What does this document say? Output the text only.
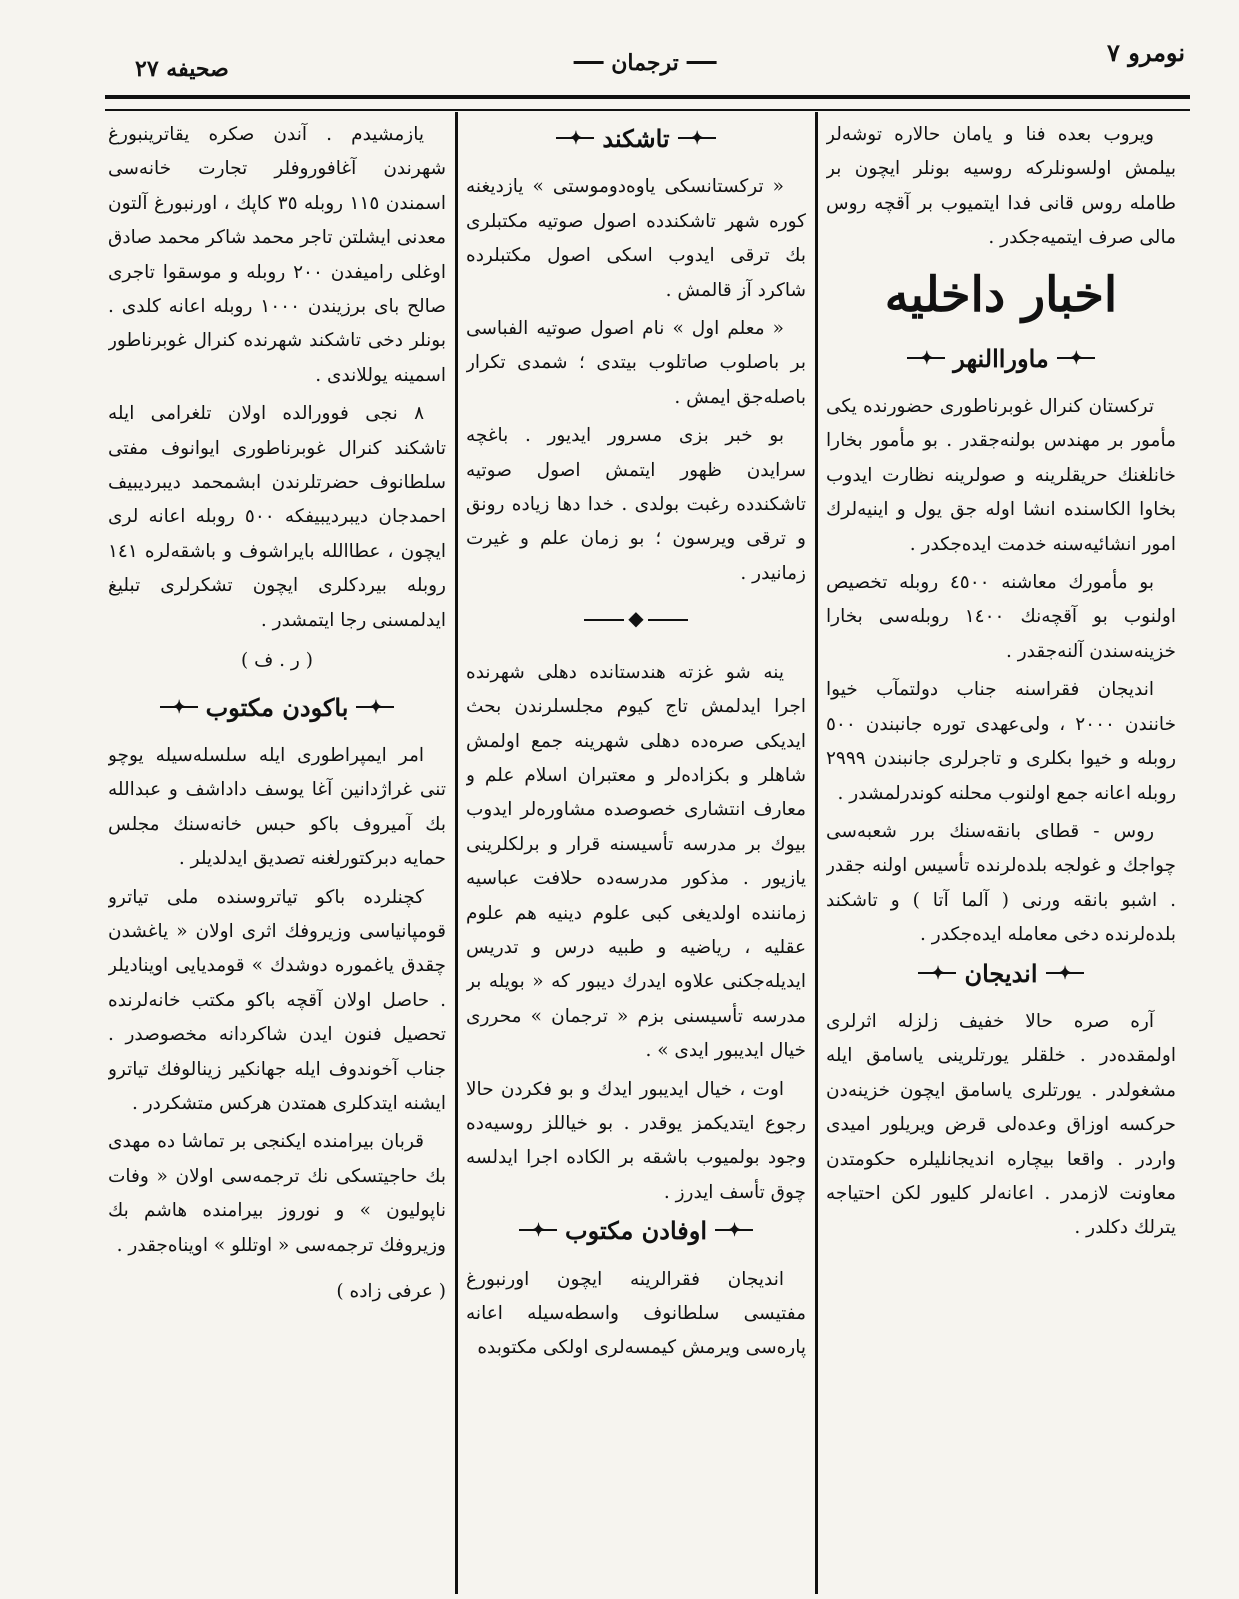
نومرو ٧
ترجمان
صحيفه ٢٧

ويروب بعده فنا و يامان حالاره توشه‌لر بيلمش اولسونلركه روسيه بونلر ايچون بر طامله روس قانى فدا ايتميوب بر آقچه روس مالى صرف ايتميه‌جكدر .

اخبار داخليه
✦ماوراالنهر✦

تركستان كنرال غوبرناطورى حضورنده يكى مأمور بر مهندس بولنه‌جقدر . بو مأمور بخارا خانلغنك حريقلرينه و صولرينه نظارت ايدوب بخاوا الكاسنده انشا اوله جق يول و اينيه‌لرك امور انشائيه‌سنه خدمت ايده‌جكدر .

بو مأمورك معاشنه ٤٥٠٠ روبله تخصيص اولنوب بو آقچه‌نك ١٤٠٠ روبله‌سى بخارا خزينه‌سندن آلنه‌جقدر .

انديجان فقراسنه جناب دولتمآب خيوا خانندن ٢٠٠٠ ، ولى‌عهدى توره جانبندن ٥٠٠ روبله و خيوا بكلرى و تاجرلرى جانبندن ٢٩٩٩ روبله اعانه جمع اولنوب محلنه كوندرلمشدر .

روس - قطاى بانقه‌سنك برر شعبه‌سى چواجك و غولجه بلده‌لرنده تأسيس اولنه جقدر . اشبو بانقه ورنى ( آلما آتا ) و تاشكند بلده‌لرنده دخى معامله ايده‌جكدر .

✦انديجان✦

آره صره حالا خفيف زلزله اثرلرى اولمقده‌در . خلقلر يورتلرينى ياسامق ايله مشغولدر . يورتلرى ياسامق ايچون خزينه‌دن حركسه اوزاق وعده‌لى قرض ويريلور اميدى واردر . واقعا بيچاره انديجانليلره حكومتدن معاونت لازمدر . اعانه‌لر كليور لكن احتياجه يترلك دكلدر .

✦تاشكند✦

« تركستانسكى ياوه‌دوموستى » يازديغنه كوره شهر تاشكندده اصول صوتيه مكتبلرى بك ترقى ايدوب اسكى اصول مكتبلرده شاكرد آز قالمش .

« معلم اول » نام اصول صوتيه الفباسى بر باصلوب صاتلوب بيتدى ؛ شمدى تكرار باصله‌جق ايمش .

بو خبر بزى مسرور ايديور . باغچه سرايدن ظهور ايتمش اصول صوتيه تاشكندده رغبت بولدى . خدا دها زياده رونق و ترقى ويرسون ؛ بو زمان علم و غيرت زمانيدر .

◆

ينه شو غزته هندستانده دهلى شهرنده اجرا ايدلمش تاج كيوم مجلسلرندن بحث ايديكى صره‌ده دهلى شهرينه جمع اولمش شاهلر و بكزاده‌لر و معتبران اسلام علم و معارف انتشارى خصوصده مشاوره‌لر ايدوب بيوك بر مدرسه تأسيسنه قرار و برلكلرينى يازيور . مذكور مدرسه‌ده حلافت عباسيه زماننده اولديغى كبى علوم دينيه هم علوم عقليه ، رياضيه و طبيه درس و تدريس ايديله‌جكنى علاوه ايدرك ديبور كه « بويله بر مدرسه تأسيسنى بزم « ترجمان » محررى خيال ايديبور ايدى » .

اوت ، خيال ايديبور ايدك و بو فكردن حالا رجوع ايتديكمز يوقدر . بو خياللز روسيه‌ده وجود بولميوب باشقه بر الكاده اجرا ايدلسه چوق تأسف ايدرز .

✦اوفادن مكتوب✦

انديجان فقرالرينه ايچون اورنبورغ مفتيسى سلطانوف واسطه‌سيله اعانه پاره‌سى ويرمش كيمسه‌لرى اولكى مكتوبده

يازمشيدم . آندن صكره يقاترينبورغ شهرندن آغافوروفلر تجارت خانه‌سى اسمندن ١١٥ روبله ٣٥ كاپك ، اورنبورغ آلتون معدنى ايشلتن تاجر محمد شاكر محمد صادق اوغلى راميفدن ٢٠٠ روبله و موسقوا تاجرى صالح باى برزيندن ١٠٠٠ روبله اعانه كلدى . بونلر دخى تاشكند شهرنده كنرال غوبرناطور اسمينه يوللاندى .

٨ نجى فوورالده اولان تلغرامى ايله تاشكند كنرال غوبرناطورى ايوانوف مفتى سلطانوف حضرتلرندن ابشمحمد ديبرديبيف احمدجان ديبرديبيفكه ٥٠٠ روبله اعانه لرى ايچون ، عطاالله بايراشوف و باشقه‌لره ١٤١ روبله بيردكلرى ايچون تشكرلرى تبليغ ايدلمسنى رجا ايتمشدر .

( ر . ف )
✦باكودن مكتوب✦

امر ايمپراطورى ايله سلسله‌سيله يوچو تنى غراژدانين آغا يوسف داداشف و عبدالله بك آميروف باكو حبس خانه‌سنك مجلس حمايه دبركتورلغنه تصديق ايدلديلر .

كچنلرده باكو تياتروسنده ملى تياترو قومپانياسى وزيروفك اثرى اولان « ياغشدن چقدق ياغموره دوشدك » قومديايى اويناديلر . حاصل اولان آقچه باكو مكتب خانه‌لرنده تحصيل فنون ايدن شاكردانه مخصوصدر . جناب آخوندوف ايله جهانكير زينالوفك تياترو ايشنه ايتدكلرى همتدن هركس متشكردر .

قربان بيرامنده ايكنجى بر تماشا ده مهدى بك حاجيتسكى نك ترجمه‌سى اولان « وفات ناپوليون » و نوروز بيرامنده هاشم بك وزيروفك ترجمه‌سى « اوتللو » اويناه‌جقدر .

( عرفى زاده )
